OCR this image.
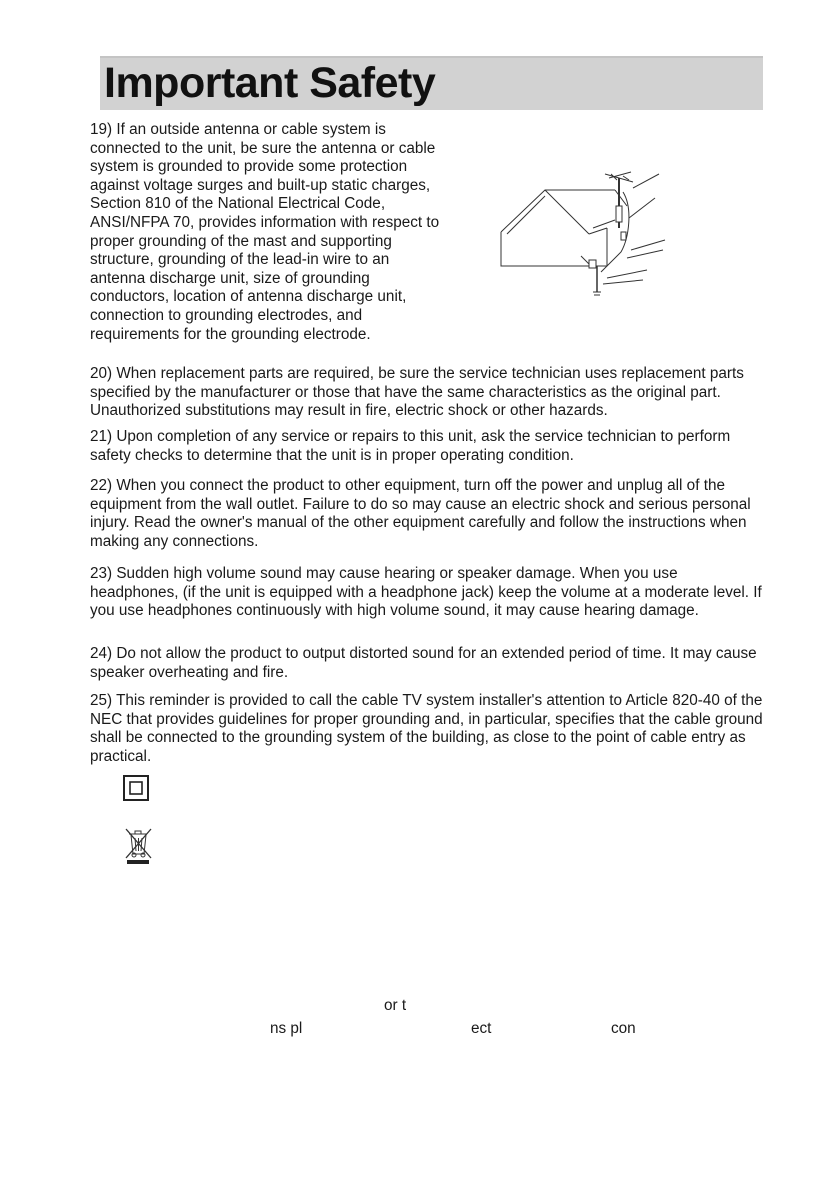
Important Safety

19) If an outside antenna or cable system is connected to the unit, be sure the antenna or cable system is grounded to provide some protection against voltage surges and built-up static charges, Section 810 of the National Electrical Code, ANSI/NFPA 70, provides information with respect to proper grounding of the mast and supporting structure, grounding of the lead-in wire to an antenna discharge unit, size of grounding conductors, location of antenna discharge unit, connection to grounding electrodes, and requirements for the grounding electrode.

20) When replacement parts are required, be sure the service technician uses replacement parts specified by the manufacturer or those that have the same characteristics as the original part. Unauthorized substitutions may result in fire, electric shock or other hazards.

21) Upon completion of any service or repairs to this unit, ask the service technician to perform safety checks to determine that the unit is in proper operating condition.

22) When you connect the product to other equipment, turn off the power and unplug all of the equipment from the wall outlet. Failure to do so may cause an electric shock and serious personal injury. Read the owner's manual of the other equipment carefully and follow the instructions when making any connections.

23) Sudden high volume sound may cause hearing or speaker damage. When you use headphones, (if the unit is equipped with a headphone jack) keep the volume at a moderate level. If you use headphones continuously with high volume sound, it may cause hearing damage.

24) Do not allow the product to output distorted sound for an extended period of time. It may cause speaker overheating and fire.

25) This reminder is provided to call the cable TV system installer's attention to Article 820-40 of the NEC that provides guidelines for proper grounding and, in particular, specifies that the cable ground shall be connected to the grounding system of the building, as close to the point of cable entry as practical.

or t
ns pl	ect	con
